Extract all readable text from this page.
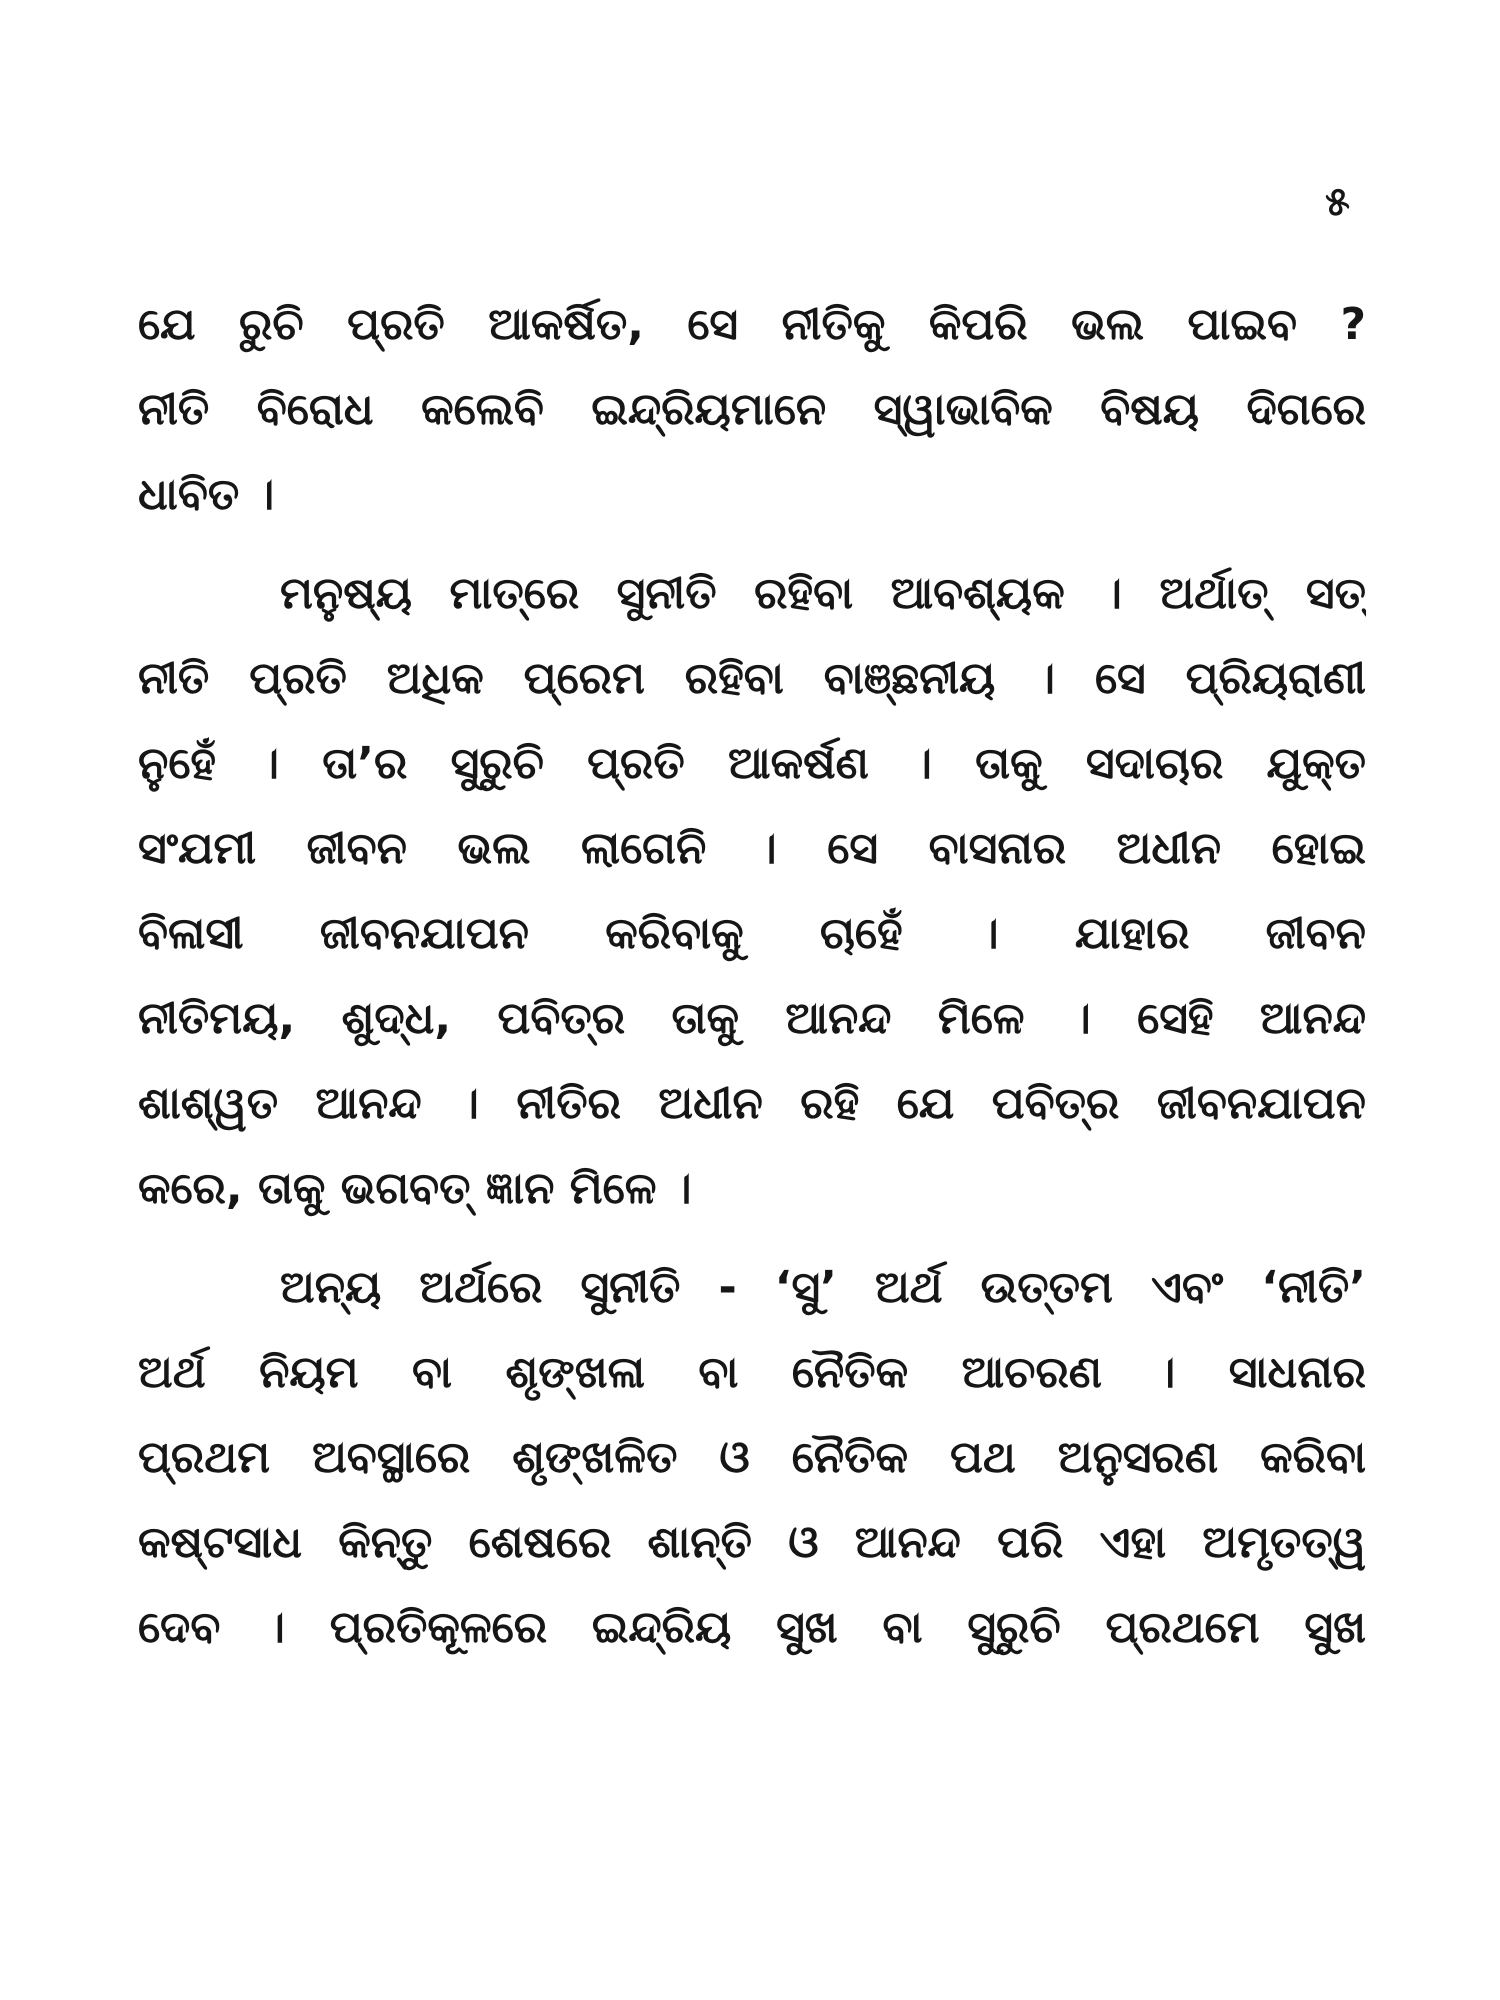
୫
ଯେ ରୁଚି ପ୍ରତି ଆକର୍ଷିତ, ସେ ନୀତିକୁ କିପରି ଭଲ ପାଇବ ?
ନୀତି ବିରୋଧ କଲେବି ଇନ୍ଦ୍ରିୟମାନେ ସ୍ୱାଭାବିକ ବିଷୟ ଦିଗରେ
ଧାବିତ ।
ମନୁଷ୍ୟ ମାତ୍ରେ ସୁନୀତି ରହିବା ଆବଶ୍ୟକ । ଅର୍ଥାତ୍ ସତ୍
ନୀତି ପ୍ରତି ଅଧିକ ପ୍ରେମ ରହିବା ବାଞ୍ଛନୀୟ । ସେ ପ୍ରିୟରାଣୀ
ନୁହେଁ । ତା’ର ସୁରୁଚି ପ୍ରତି ଆକର୍ଷଣ । ତାକୁ ସଦାଚାର ଯୁକ୍ତ
ସଂଯମୀ ଜୀବନ ଭଲ ଲାଗେନି । ସେ ବାସନାର ଅଧୀନ ହୋଇ
ବିଳାସୀ ଜୀବନଯାପନ କରିବାକୁ ଚାହେଁ । ଯାହାର ଜୀବନ
ନୀତିମୟ, ଶୁଦ୍ଧ, ପବିତ୍ର ତାକୁ ଆନନ୍ଦ ମିଳେ । ସେହି ଆନନ୍ଦ
ଶାଶ୍ୱତ ଆନନ୍ଦ । ନୀତିର ଅଧୀନ ରହି ଯେ ପବିତ୍ର ଜୀବନଯାପନ
କରେ, ତାକୁ ଭଗବତ୍ ଜ୍ଞାନ ମିଳେ ।
ଅନ୍ୟ ଅର୍ଥରେ ସୁନୀତି - ‘ସୁ’ ଅର୍ଥ ଉତ୍ତମ ଏବଂ ‘ନୀତି’
ଅର୍ଥ ନିୟମ ବା ଶୃଙ୍ଖଳା ବା ନୈତିକ ଆଚରଣ । ସାଧନାର
ପ୍ରଥମ ଅବସ୍ଥାରେ ଶୃଙ୍ଖଳିତ ଓ ନୈତିକ ପଥ ଅନୁସରଣ କରିବା
କଷ୍ଟସାଧ କିନ୍ତୁ ଶେଷରେ ଶାନ୍ତି ଓ ଆନନ୍ଦ ପରି ଏହା ଅମୃତତ୍ୱ
ଦେବ । ପ୍ରତିକୂଳରେ ଇନ୍ଦ୍ରିୟ ସୁଖ ବା ସୁରୁଚି ପ୍ରଥମେ ସୁଖ
